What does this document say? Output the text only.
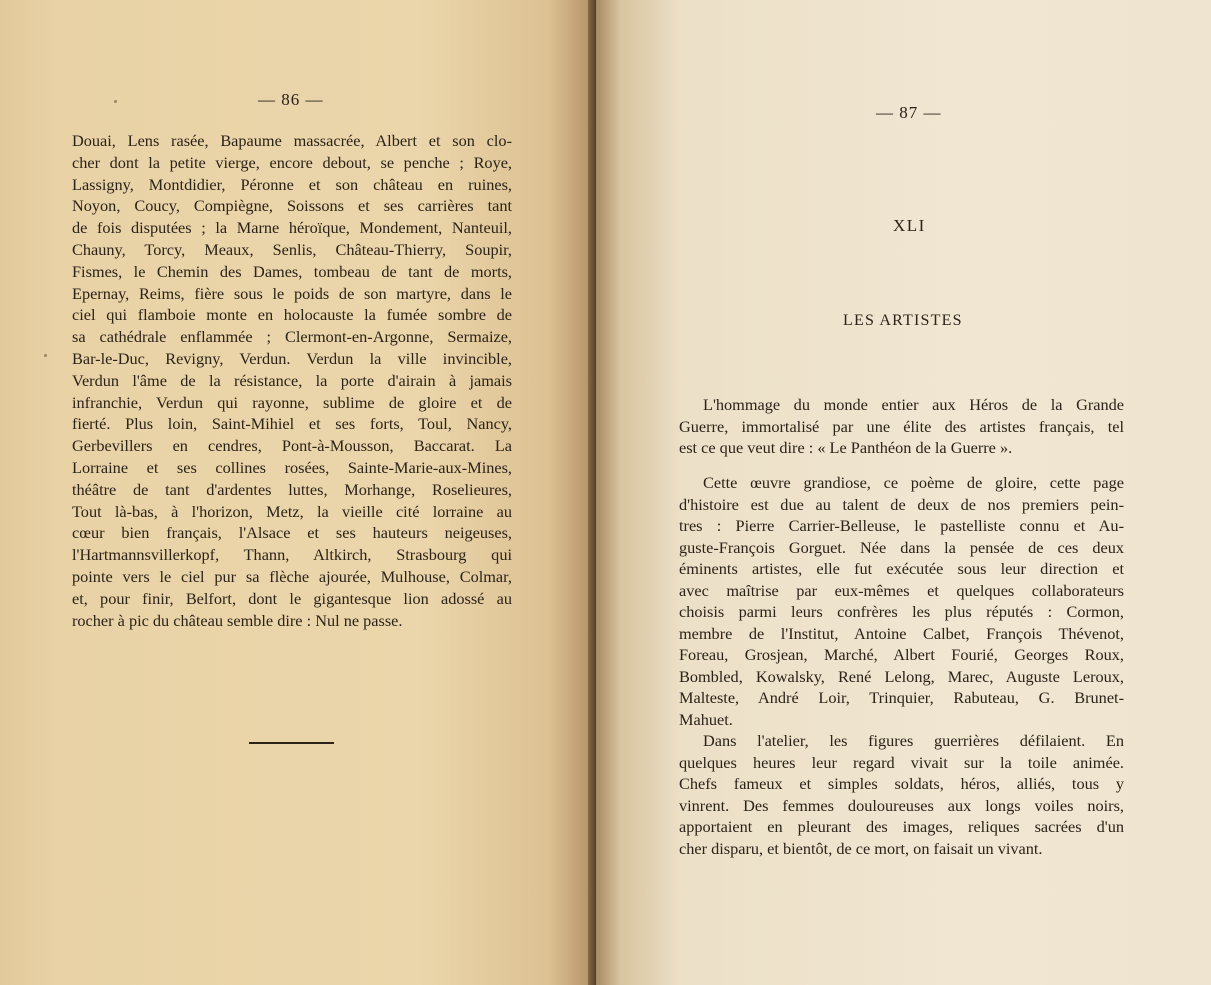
— 86 —
Douai, Lens rasée, Bapaume massacrée, Albert et son clo-
cher dont la petite vierge, encore debout, se penche ; Roye,
Lassigny, Montdidier, Péronne et son château en ruines,
Noyon, Coucy, Compiègne, Soissons et ses carrières tant
de fois disputées ; la Marne héroïque, Mondement, Nanteuil,
Chauny, Torcy, Meaux, Senlis, Château-Thierry, Soupir,
Fismes, le Chemin des Dames, tombeau de tant de morts,
Epernay, Reims, fière sous le poids de son martyre, dans le
ciel qui flamboie monte en holocauste la fumée sombre de
sa cathédrale enflammée ; Clermont-en-Argonne, Sermaize,
Bar-le-Duc, Revigny, Verdun. Verdun la ville invincible,
Verdun l'âme de la résistance, la porte d'airain à jamais
infranchie, Verdun qui rayonne, sublime de gloire et de
fierté. Plus loin, Saint-Mihiel et ses forts, Toul, Nancy,
Gerbevillers en cendres, Pont-à-Mousson, Baccarat. La
Lorraine et ses collines rosées, Sainte-Marie-aux-Mines,
théâtre de tant d'ardentes luttes, Morhange, Roselieures,
Tout là-bas, à l'horizon, Metz, la vieille cité lorraine au
cœur bien français, l'Alsace et ses hauteurs neigeuses,
l'Hartmannsvillerkopf, Thann, Altkirch, Strasbourg qui
pointe vers le ciel pur sa flèche ajourée, Mulhouse, Colmar,
et, pour finir, Belfort, dont le gigantesque lion adossé au
rocher à pic du château semble dire : Nul ne passe.
— 87 —
XLI
LES ARTISTES
L'hommage du monde entier aux Héros de la Grande
Guerre, immortalisé par une élite des artistes français, tel
est ce que veut dire : « Le Panthéon de la Guerre ».
Cette œuvre grandiose, ce poème de gloire, cette page
d'histoire est due au talent de deux de nos premiers pein-
tres : Pierre Carrier-Belleuse, le pastelliste connu et Au-
guste-François Gorguet. Née dans la pensée de ces deux
éminents artistes, elle fut exécutée sous leur direction et
avec maîtrise par eux-mêmes et quelques collaborateurs
choisis parmi leurs confrères les plus réputés : Cormon,
membre de l'Institut, Antoine Calbet, François Thévenot,
Foreau, Grosjean, Marché, Albert Fourié, Georges Roux,
Bombled, Kowalsky, René Lelong, Marec, Auguste Leroux,
Malteste, André Loir, Trinquier, Rabuteau, G. Brunet-
Mahuet.
Dans l'atelier, les figures guerrières défilaient. En
quelques heures leur regard vivait sur la toile animée.
Chefs fameux et simples soldats, héros, alliés, tous y
vinrent. Des femmes douloureuses aux longs voiles noirs,
apportaient en pleurant des images, reliques sacrées d'un
cher disparu, et bientôt, de ce mort, on faisait un vivant.
